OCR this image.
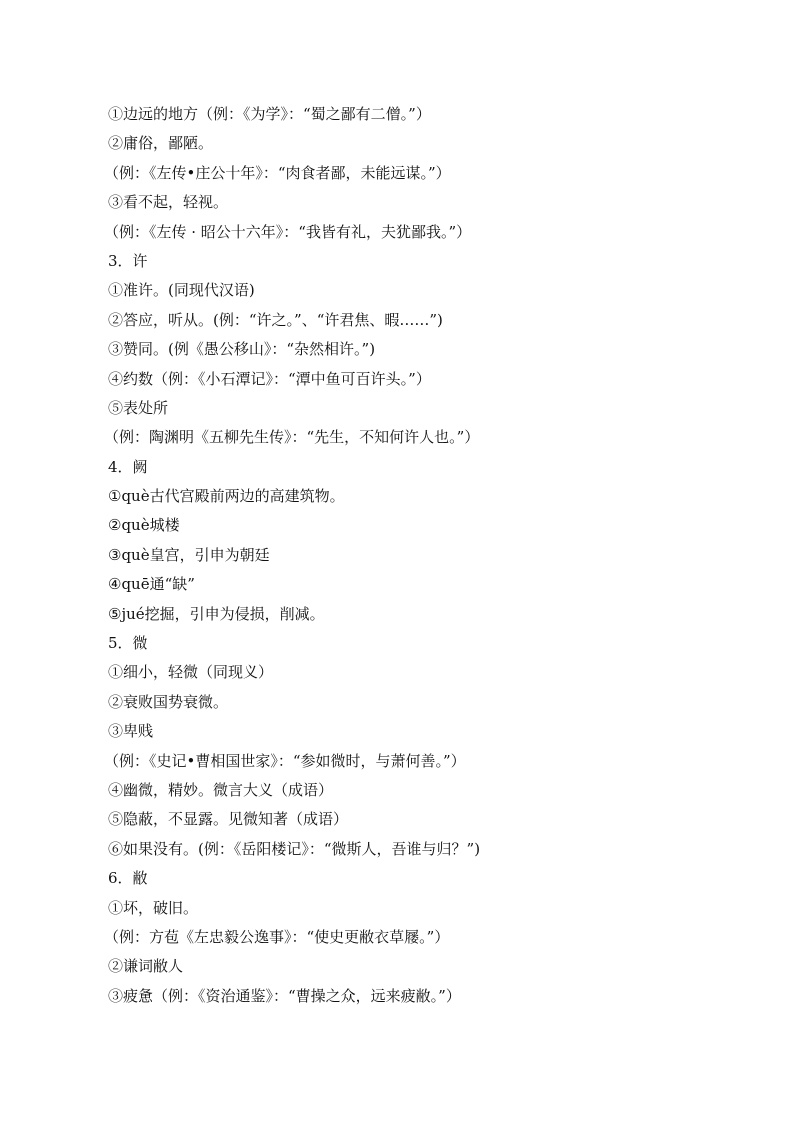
①边远的地方（例：《为学》：“蜀之鄙有二僧。”）
②庸俗，鄙陋。
（例：《左传•庄公十年》：“肉食者鄙，未能远谋。”）
③看不起，轻视。
（例：《左传 · 昭公十六年》：“我皆有礼，夫犹鄙我。”）
3．许
①准许。(同现代汉语)
②答应，听从。(例：“许之。”、“许君焦、暇……”)
③赞同。(例《愚公移山》：“杂然相许。”)
④约数（例：《小石潭记》：“潭中鱼可百许头。”）
⑤表处所
（例：陶渊明《五柳先生传》：“先生，不知何许人也。”）
4．阙
①què古代宫殿前两边的高建筑物。
②què城楼
③què皇宫，引申为朝廷
④quē通“缺”
⑤jué挖掘，引申为侵损，削减。
5．微
①细小，轻微（同现义）
②衰败国势衰微。
③卑贱
（例：《史记•曹相国世家》：“参如微时，与萧何善。”）
④幽微，精妙。微言大义（成语）
⑤隐蔽，不显露。见微知著（成语）
⑥如果没有。(例：《岳阳楼记》：“微斯人，吾谁与归？”)
6．敝
①坏，破旧。
（例：方苞《左忠毅公逸事》：“使史更敝衣草屦。”）
②谦词敝人
③疲惫（例：《资治通鉴》：“曹操之众，远来疲敝。”）
